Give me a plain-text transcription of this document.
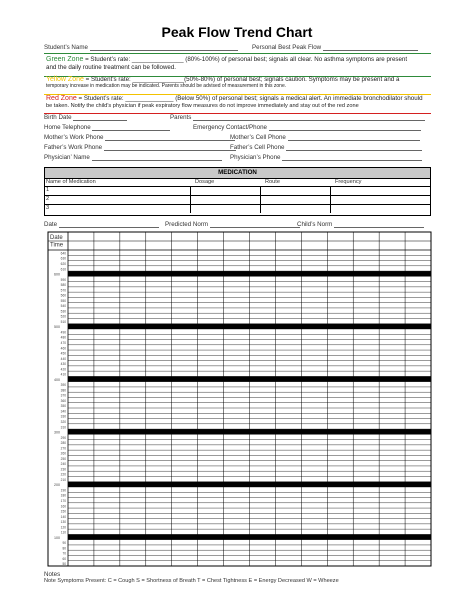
Peak Flow Trend Chart
Student’s Name	Personal Best Peak Flow
Green Zone = Student’s rate: _______________ (80%-100%) of personal best; signals all clear. No asthma symptoms are present
and the daily routine treatment can be followed.
Yellow Zone = Student’s rate: _______________(50%-80%) of personal best; signals caution. Symptoms may be present and a
temporary increase in medication may be indicated. Parents should be advised of measurement in this zone.
Red Zone = Student’s rate: ______________ (Below 50%) of personal best; signals a medical alert. An immediate bronchodilator should
be taken. Notify the child’s physician if peak expiratory flow measures do not improve immediately and stay out of the red zone
Birth Date	Parents
Home Telephone	Emergency Contact/Phone
Mother’s Work Phone	Mother’s Cell Phone
Father’s Work Phone	Father’s Cell Phone
Physician’ Name	Physician’s Phone
MEDICATION
Name of Medication	Dosage	Route	Frequency
1
2
3
Date	Predicted Norm	Child’s Norm
Date
Time
640
630
620
610
600
590
580
570
560
550
540
530
520
510
500
490
480
470
460
450
440
430
420
410
400
390
380
370
360
350
340
330
320
310
300
290
280
270
260
250
240
230
220
210
200
190
180
170
160
150
140
130
120
110
100
90
80
70
60
50
Notes
Note Symptoms Present: C = Cough S = Shortness of Breath T = Chest Tightness E = Energy Decreased W = Wheeze
